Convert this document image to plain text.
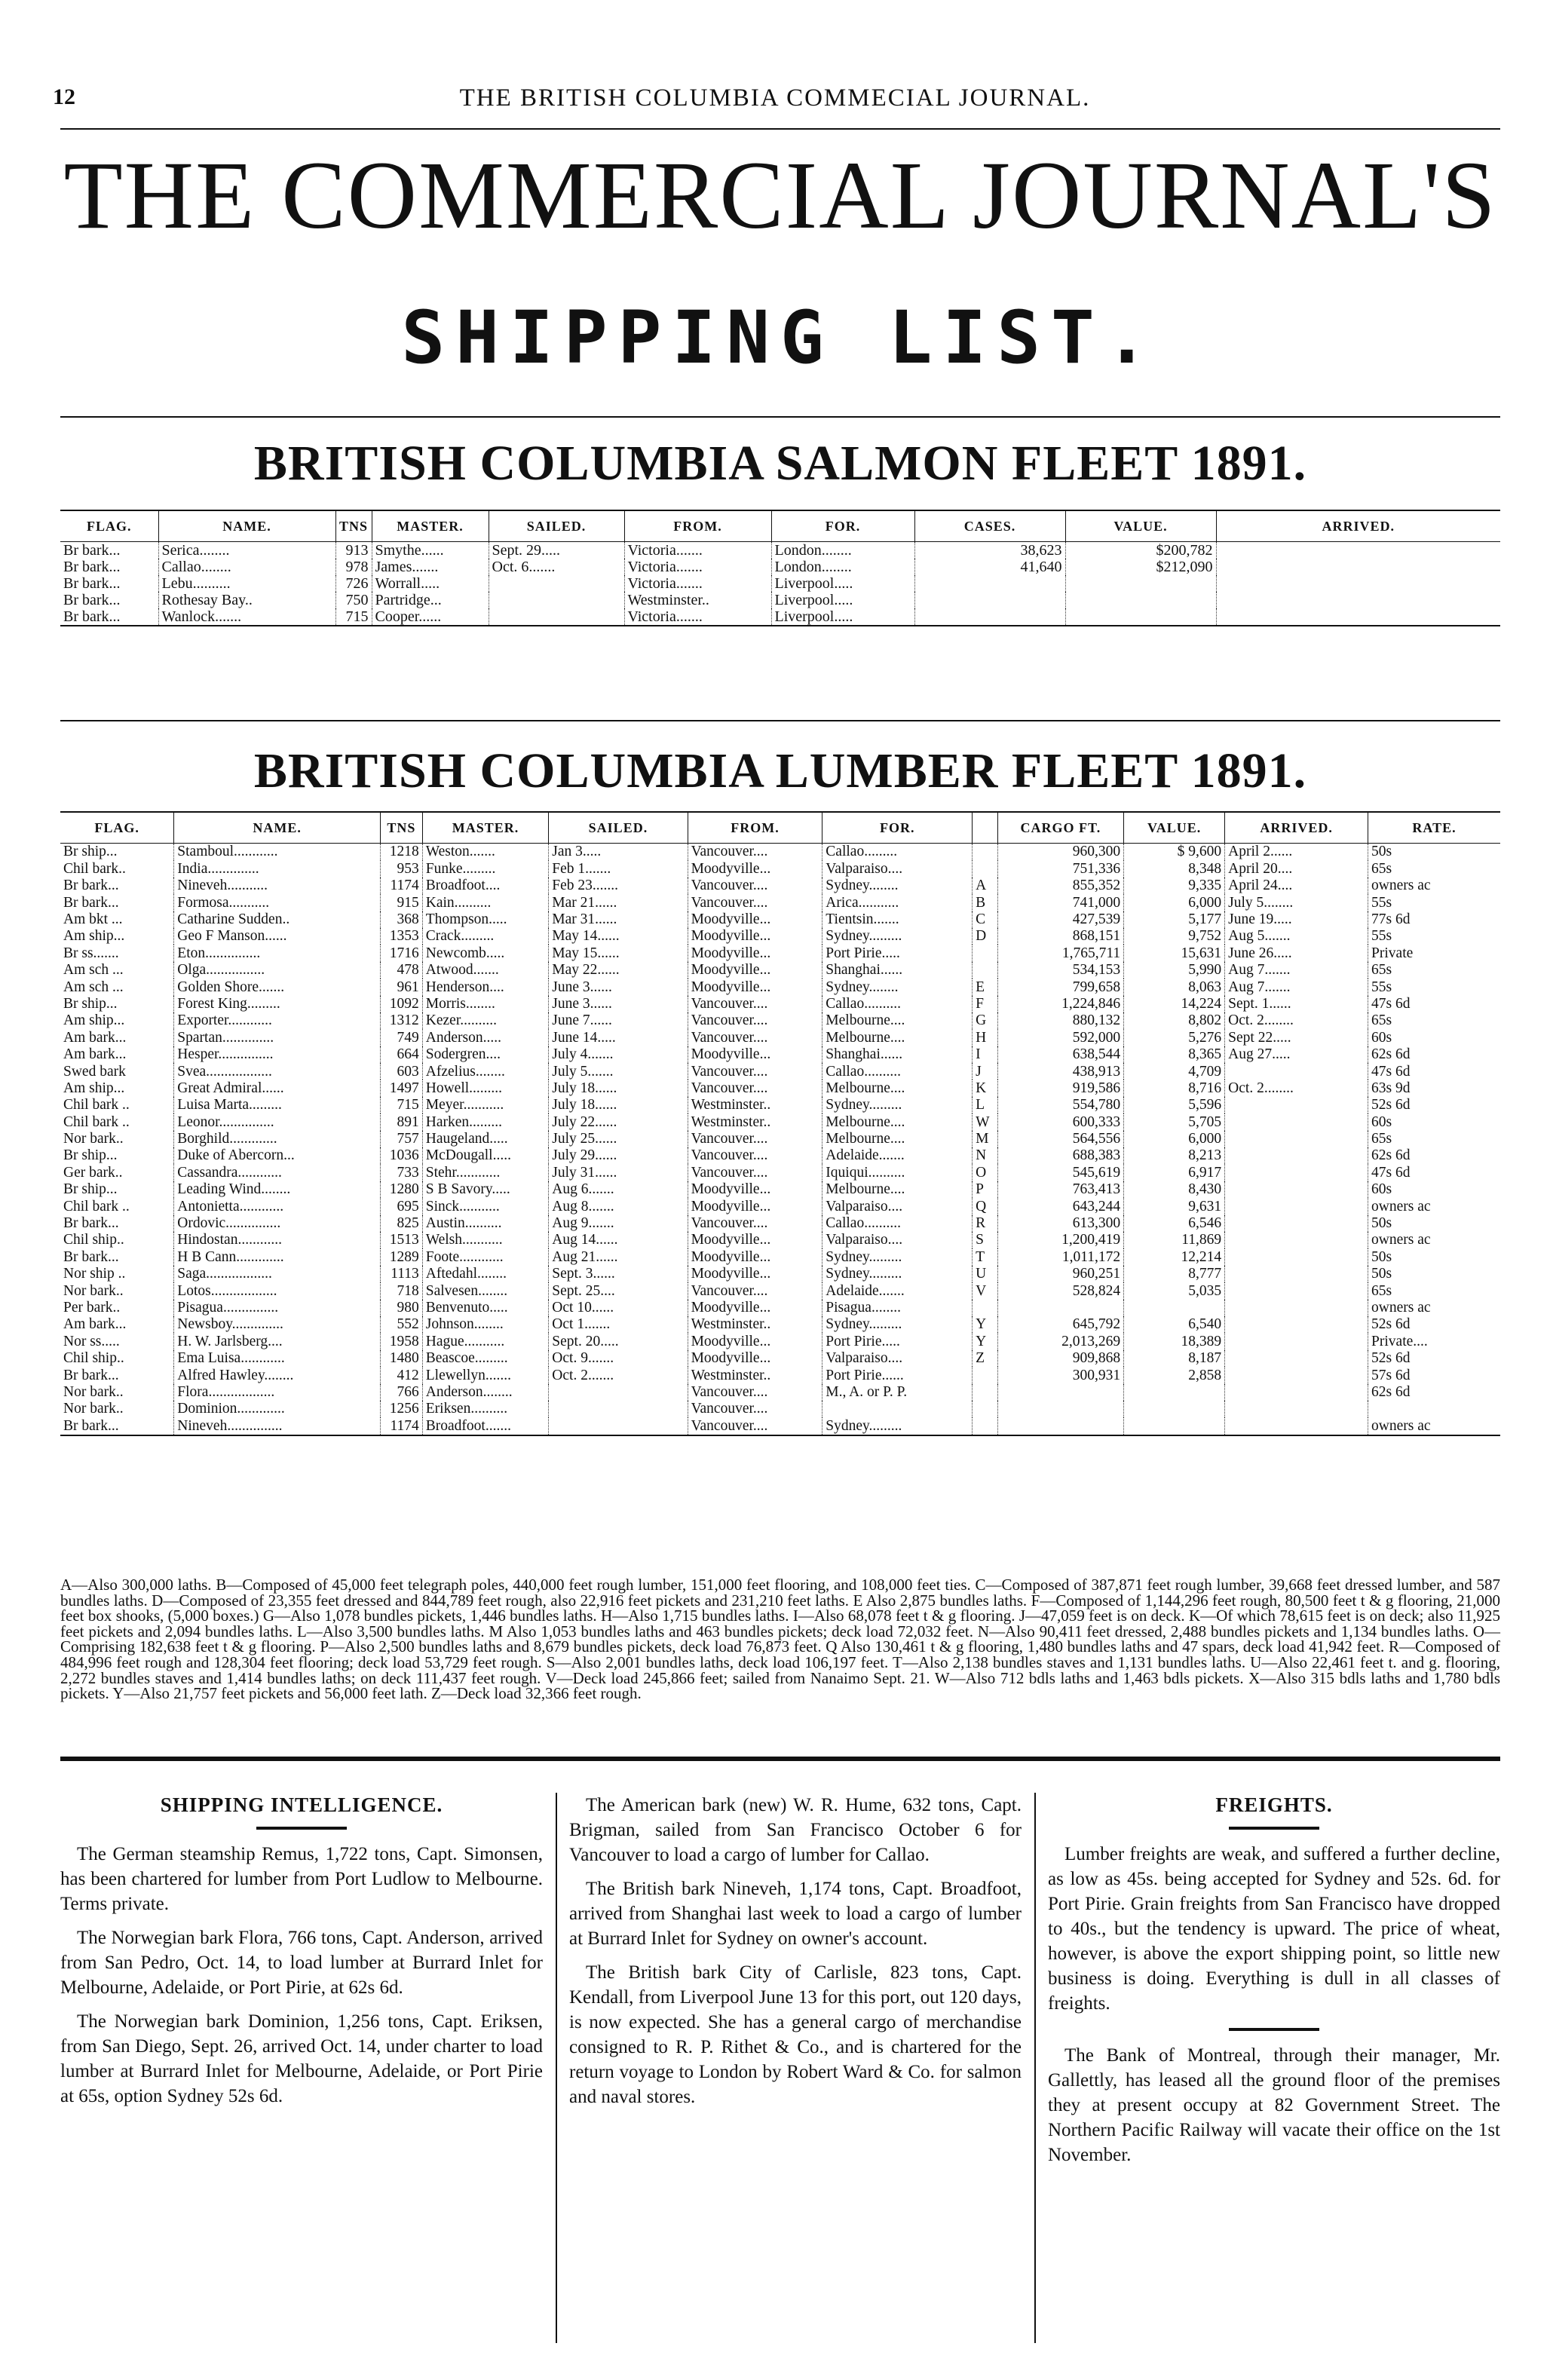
12	THE BRITISH COLUMBIA COMMECIAL JOURNAL.
THE COMMERCIAL JOURNAL'S
SHIPPING LIST.
BRITISH COLUMBIA SALMON FLEET 1891.
FLAG.	NAME.	TNS	MASTER.	SAILED.	FROM.	FOR.	CASES.	VALUE.	ARRIVED.
Br bark...	Serica........	913	Smythe......	Sept. 29.....	Victoria.......	London........	38,623	$200,782	
Br bark...	Callao........	978	James.......	Oct. 6.......	Victoria.......	London........	41,640	$212,090	
Br bark...	Lebu..........	726	Worrall.....		Victoria.......	Liverpool.....			
Br bark...	Rothesay Bay..	750	Partridge...		Westminster..	Liverpool.....			
Br bark...	Wanlock.......	715	Cooper......		Victoria.......	Liverpool.....			
BRITISH COLUMBIA LUMBER FLEET 1891.
FLAG.	NAME.	TNS	MASTER.	SAILED.	FROM.	FOR.		CARGO FT.	VALUE.	ARRIVED.	RATE.
Br ship...	Stamboul............	1218	Weston.......	Jan 3.....	Vancouver....	Callao.........		960,300	$ 9,600	April 2......	50s
Chil bark..	India..............	953	Funke.........	Feb 1.......	Moodyville...	Valparaiso....		751,336	8,348	April 20....	65s
Br bark...	Nineveh...........	1174	Broadfoot....	Feb 23.......	Vancouver....	Sydney........	A	855,352	9,335	April 24....	owners ac
Br bark...	Formosa...........	915	Kain..........	Mar 21......	Vancouver....	Arica...........	B	741,000	6,000	July 5........	55s
Am bkt ...	Catharine Sudden..	368	Thompson.....	Mar 31......	Moodyville...	Tientsin.......	C	427,539	5,177	June 19.....	77s 6d
Am ship...	Geo F Manson......	1353	Crack.........	May 14......	Moodyville...	Sydney.........	D	868,151	9,752	Aug 5.......	55s
Br ss.......	Eton...............	1716	Newcomb.....	May 15......	Moodyville...	Port Pirie.....		1,765,711	15,631	June 26.....	Private
Am sch ...	Olga................	478	Atwood.......	May 22......	Moodyville...	Shanghai......		534,153	5,990	Aug 7.......	65s
Am sch ...	Golden Shore.......	961	Henderson....	June 3......	Moodyville...	Sydney........	E	799,658	8,063	Aug 7.......	55s
Br ship...	Forest King.........	1092	Morris........	June 3......	Vancouver....	Callao..........	F	1,224,846	14,224	Sept. 1......	47s 6d
Am ship...	Exporter............	1312	Kezer..........	June 7......	Vancouver....	Melbourne....	G	880,132	8,802	Oct. 2........	65s
Am bark...	Spartan..............	749	Anderson.....	June 14.....	Vancouver....	Melbourne....	H	592,000	5,276	Sept 22.....	60s
Am bark...	Hesper...............	664	Sodergren....	July 4.......	Moodyville...	Shanghai......	I	638,544	8,365	Aug 27.....	62s 6d
Swed bark	Svea..................	603	Afzelius........	July 5.......	Vancouver....	Callao..........	J	438,913	4,709		47s 6d
Am ship...	Great Admiral......	1497	Howell.........	July 18......	Vancouver....	Melbourne....	K	919,586	8,716	Oct. 2........	63s 9d
Chil bark ..	Luisa Marta.........	715	Meyer...........	July 18......	Westminster..	Sydney.........	L	554,780	5,596		52s 6d
Chil bark ..	Leonor...............	891	Harken.........	July 22......	Westminster..	Melbourne....	W	600,333	5,705		60s
Nor bark..	Borghild.............	757	Haugeland.....	July 25......	Vancouver....	Melbourne....	M	564,556	6,000		65s
Br ship...	Duke of Abercorn...	1036	McDougall.....	July 29......	Vancouver....	Adelaide.......	N	688,383	8,213		62s 6d
Ger bark..	Cassandra............	733	Stehr............	July 31......	Vancouver....	Iquiqui..........	O	545,619	6,917		47s 6d
Br ship...	Leading Wind........	1280	S B Savory.....	Aug 6.......	Moodyville...	Melbourne....	P	763,413	8,430		60s
Chil bark ..	Antonietta............	695	Sinck...........	Aug 8.......	Moodyville...	Valparaiso....	Q	643,244	9,631		owners ac
Br bark...	Ordovic...............	825	Austin..........	Aug 9.......	Vancouver....	Callao..........	R	613,300	6,546		50s
Chil ship..	Hindostan............	1513	Welsh...........	Aug 14......	Moodyville...	Valparaiso....	S	1,200,419	11,869		owners ac
Br bark...	H B Cann.............	1289	Foote............	Aug 21......	Moodyville...	Sydney.........	T	1,011,172	12,214		50s
Nor ship ..	Saga..................	1113	Aftedahl........	Sept. 3......	Moodyville...	Sydney.........	U	960,251	8,777		50s
Nor bark..	Lotos..................	718	Salvesen........	Sept. 25....	Vancouver....	Adelaide.......	V	528,824	5,035		65s
Per bark..	Pisagua...............	980	Benvenuto.....	Oct 10......	Moodyville...	Pisagua........					owners ac
Am bark...	Newsboy..............	552	Johnson........	Oct 1.......	Westminster..	Sydney.........	Y	645,792	6,540		52s 6d
Nor ss.....	H. W. Jarlsberg....	1958	Hague...........	Sept. 20.....	Moodyville...	Port Pirie.....	Y	2,013,269	18,389		Private....
Chil ship..	Ema Luisa............	1480	Beascoe.........	Oct. 9.......	Moodyville...	Valparaiso....	Z	909,868	8,187		52s 6d
Br bark...	Alfred Hawley........	412	Llewellyn.......	Oct. 2.......	Westminster..	Port Pirie......		300,931	2,858		57s 6d
Nor bark..	Flora..................	766	Anderson........		Vancouver....	M., A. or P. P.					62s 6d
Nor bark..	Dominion.............	1256	Eriksen..........		Vancouver....						
Br bark...	Nineveh...............	1174	Broadfoot.......		Vancouver....	Sydney.........					owners ac
A—Also 300,000 laths. B—Composed of 45,000 feet telegraph poles, 440,000 feet rough lumber, 151,000 feet flooring, and 108,000 feet ties. C—Composed of 387,871 feet rough lumber, 39,668 feet dressed lumber, and 587 bundles laths. D—Composed of 23,355 feet dressed and 844,789 feet rough, also 22,916 feet pickets and 231,210 feet laths. E Also 2,875 bundles laths. F—Composed of 1,144,296 feet rough, 80,500 feet t & g flooring, 21,000 feet box shooks, (5,000 boxes.) G—Also 1,078 bundles pickets, 1,446 bundles laths. H—Also 1,715 bundles laths. I—Also 68,078 feet t & g flooring. J—47,059 feet is on deck. K—Of which 78,615 feet is on deck; also 11,925 feet pickets and 2,094 bundles laths. L—Also 3,500 bundles laths. M Also 1,053 bundles laths and 463 bundles pickets; deck load 72,032 feet. N—Also 90,411 feet dressed, 2,488 bundles pickets and 1,134 bundles laths. O—Comprising 182,638 feet t & g flooring. P—Also 2,500 bundles laths and 8,679 bundles pickets, deck load 76,873 feet. Q Also 130,461 t & g flooring, 1,480 bundles laths and 47 spars, deck load 41,942 feet. R—Composed of 484,996 feet rough and 128,304 feet flooring; deck load 53,729 feet rough. S—Also 2,001 bundles laths, deck load 106,197 feet. T—Also 2,138 bundles staves and 1,131 bundles laths. U—Also 22,461 feet t. and g. flooring, 2,272 bundles staves and 1,414 bundles laths; on deck 111,437 feet rough. V—Deck load 245,866 feet; sailed from Nanaimo Sept. 21. W—Also 712 bdls laths and 1,463 bdls pickets. X—Also 315 bdls laths and 1,780 bdls pickets. Y—Also 21,757 feet pickets and 56,000 feet lath. Z—Deck load 32,366 feet rough.
SHIPPING INTELLIGENCE.

The German steamship Remus, 1,722 tons, Capt. Simonsen, has been chartered for lumber from Port Ludlow to Melbourne. Terms private.

The Norwegian bark Flora, 766 tons, Capt. Anderson, arrived from San Pedro, Oct. 14, to load lumber at Burrard Inlet for Melbourne, Adelaide, or Port Pirie, at 62s 6d.

The Norwegian bark Dominion, 1,256 tons, Capt. Eriksen, from San Diego, Sept. 26, arrived Oct. 14, under charter to load lumber at Burrard Inlet for Melbourne, Adelaide, or Port Pirie at 65s, option Sydney 52s 6d.

The American bark (new) W. R. Hume, 632 tons, Capt. Brigman, sailed from San Francisco October 6 for Vancouver to load a cargo of lumber for Callao.

The British bark Nineveh, 1,174 tons, Capt. Broadfoot, arrived from Shanghai last week to load a cargo of lumber at Burrard Inlet for Sydney on owner's account.

The British bark City of Carlisle, 823 tons, Capt. Kendall, from Liverpool June 13 for this port, out 120 days, is now expected. She has a general cargo of merchandise consigned to R. P. Rithet & Co., and is chartered for the return voyage to London by Robert Ward & Co. for salmon and naval stores.

FREIGHTS.

Lumber freights are weak, and suffered a further decline, as low as 45s. being accepted for Sydney and 52s. 6d. for Port Pirie. Grain freights from San Francisco have dropped to 40s., but the tendency is upward. The price of wheat, however, is above the export shipping point, so little new business is doing. Everything is dull in all classes of freights.

The Bank of Montreal, through their manager, Mr. Gallettly, has leased all the ground floor of the premises they at present occupy at 82 Government Street. The Northern Pacific Railway will vacate their office on the 1st November.
